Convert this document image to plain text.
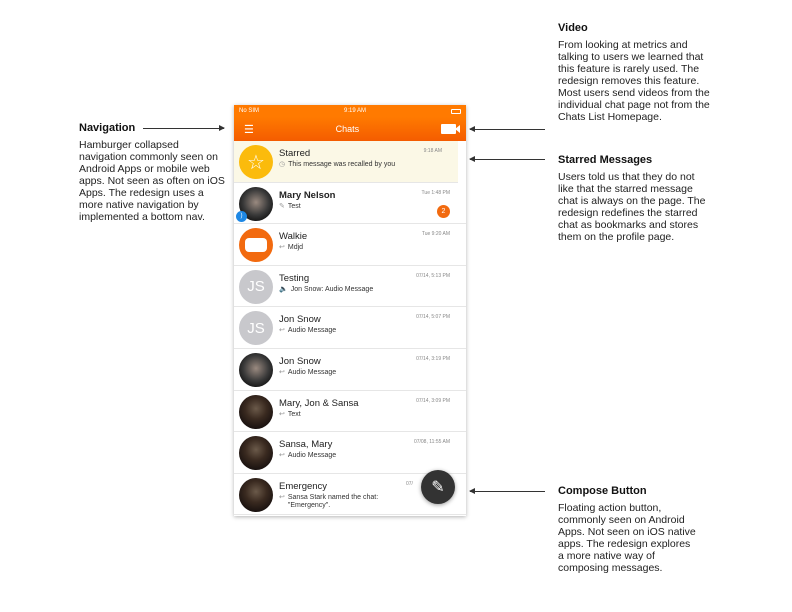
Navigation

Hamburger collapsed navigation commonly seen on Android Apps or mobile web apps. Not seen as often on iOS Apps. The redesign uses a more native navigation by implemented a bottom nav.

Video

From looking at metrics and talking to users we learned that this feature is rarely used. The redesign removes this feature. Most users send videos from the individual chat page not from the Chats List Homepage.

Starred Messages

Users told us that they do not like that the starred message chat is always on the page. The redesign redefines the starred chat as bookmarks and stores them on the profile page.

Compose Button

Floating action button, commonly seen on Android Apps. Not seen on iOS native apps. The redesign explores a more native way of composing messages.

No SIM	9:19 AM
☰	Chats
☆	Starred
◷ This message was recalled by you
9:18 AM
)
Mary Nelson
✎ Test
Tue 1:48 PM
2
Walkie
↩ Mdjd
Tue 9:20 AM
JS	Testing
🔈 Jon Snow: Audio Message
07/14, 5:13 PM
JS	Jon Snow
↩ Audio Message
07/14, 5:07 PM
Jon Snow
↩ Audio Message
07/14, 3:19 PM
Mary, Jon & Sansa
↩ Text
07/14, 3:09 PM
Sansa, Mary
↩ Audio Message
07/08, 11:55 AM
Emergency
↩ Sansa Stark named the chat: "Emergency".
07/ ✎
